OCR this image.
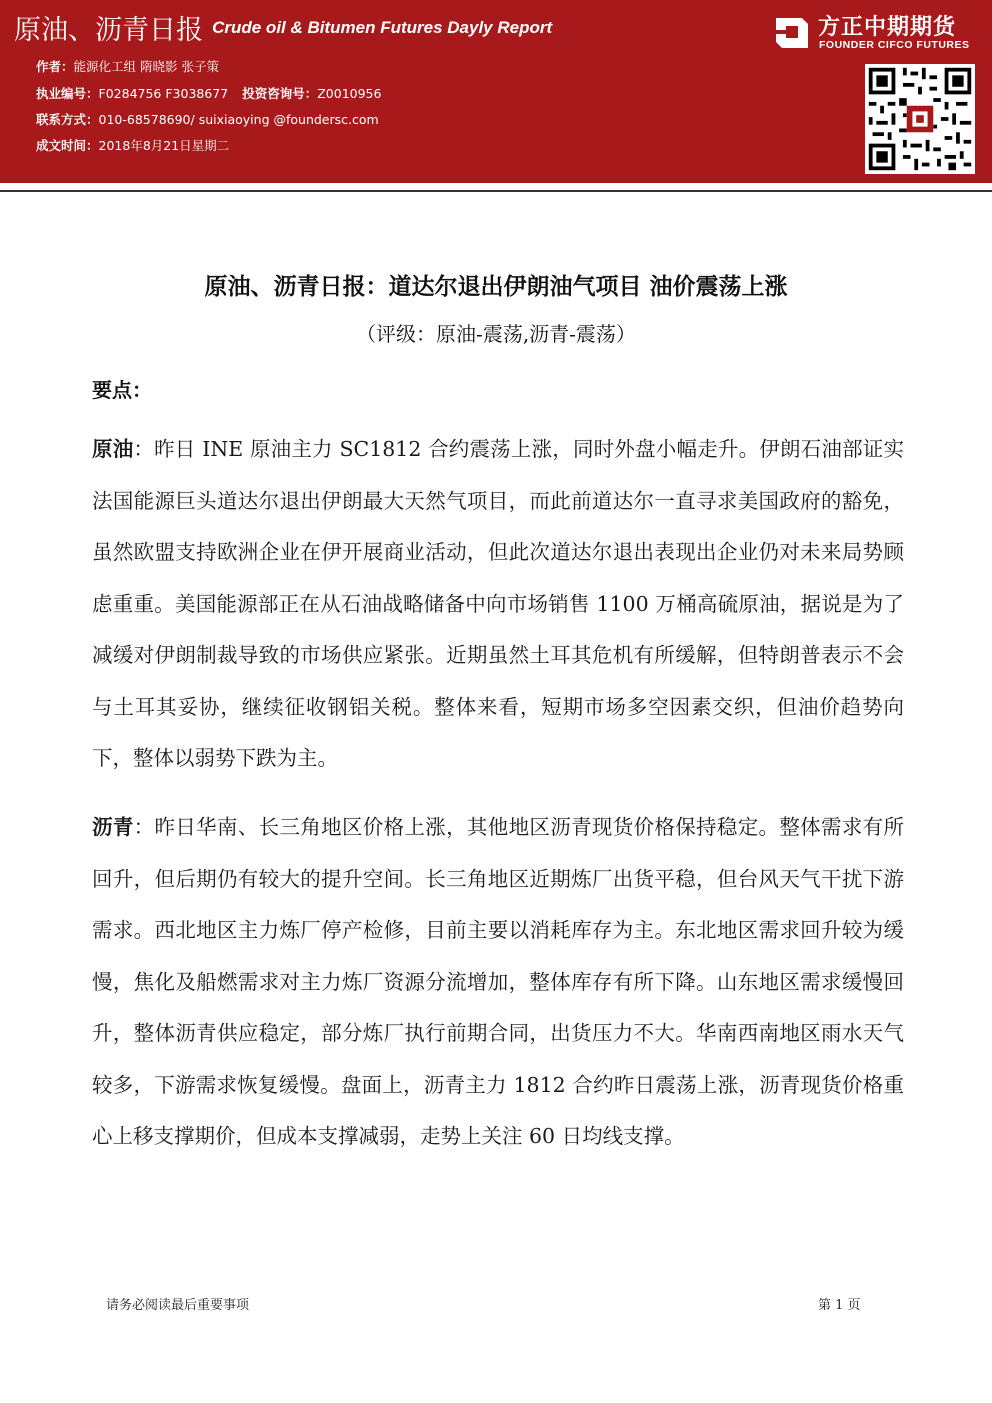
原油、沥青日报 Crude oil & Bitumen Futures Dayly Report
作者：能源化工组 隋晓影 张子策
执业编号：F0284756 F3038677 投资咨询号：Z0010956
联系方式：010-68578690/ suixiaoying @foundersc.com
成文时间：2018年8月21日星期二
方正中期期货
FOUNDER CIFCO FUTURES
原油、沥青日报：道达尔退出伊朗油气项目 油价震荡上涨
（评级：原油-震荡,沥青-震荡）
要点：
原油：昨日 INE 原油主力 SC1812 合约震荡上涨，同时外盘小幅走升。伊朗石油部证实法国能源巨头道达尔退出伊朗最大天然气项目，而此前道达尔一直寻求美国政府的豁免，虽然欧盟支持欧洲企业在伊开展商业活动，但此次道达尔退出表现出企业仍对未来局势顾虑重重。美国能源部正在从石油战略储备中向市场销售 1100 万桶高硫原油，据说是为了减缓对伊朗制裁导致的市场供应紧张。近期虽然土耳其危机有所缓解，但特朗普表示不会与土耳其妥协，继续征收钢铝关税。整体来看，短期市场多空因素交织，但油价趋势向下，整体以弱势下跌为主。
沥青：昨日华南、长三角地区价格上涨，其他地区沥青现货价格保持稳定。整体需求有所回升，但后期仍有较大的提升空间。长三角地区近期炼厂出货平稳，但台风天气干扰下游需求。西北地区主力炼厂停产检修，目前主要以消耗库存为主。东北地区需求回升较为缓慢，焦化及船燃需求对主力炼厂资源分流增加，整体库存有所下降。山东地区需求缓慢回升，整体沥青供应稳定，部分炼厂执行前期合同，出货压力不大。华南西南地区雨水天气较多，下游需求恢复缓慢。盘面上，沥青主力 1812 合约昨日震荡上涨，沥青现货价格重心上移支撑期价，但成本支撑减弱，走势上关注 60 日均线支撑。
请务必阅读最后重要事项	第 1 页
